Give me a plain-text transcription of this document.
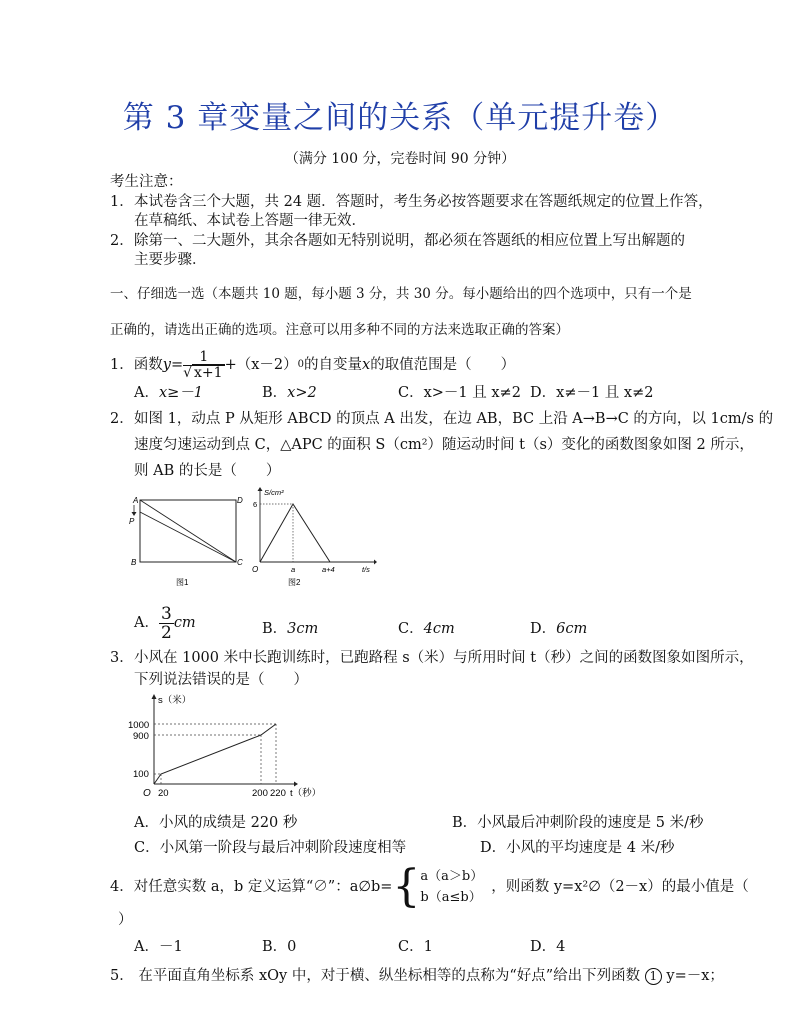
第 3 章变量之间的关系（单元提升卷）
（满分 100 分，完卷时间 90 分钟）
考生注意：
1． 本试卷含三个大题，共 24 题．答题时，考生务必按答题要求在答题纸规定的位置上作答，
在草稿纸、本试卷上答题一律无效．
2． 除第一、二大题外，其余各题如无特别说明，都必须在答题纸的相应位置上写出解题的
主要步骤．
一、仔细选一选（本题共 10 题，每小题 3 分，共 30 分。每小题给出的四个选项中，只有一个是
正确的，请选出正确的选项。注意可以用多种不同的方法来选取正确的答案）
1． 函数 $y = \frac{1}{√ x+1} +(x-2)$ 0 的自变量 x 的取值范围是（　　）
A．x≥－1	B．x>2	C．x>－1 且 x≠2 D．x≠－1 且 x≠2
2． 如图 1，动点 P 从矩形 ABCD 的顶点 A 出发，在边 AB，BC 上沿 A→B→C 的方向，以 1cm/s 的
速度匀速运动到点 C，△APC 的面积 S（cm²）随运动时间 t（s）变化的函数图象如图 2 所示，
则 AB 的长是（　　）
A
P
B	C
D
图1
S/cm²
6
O	a	a+4	t/s
图2
A． $\frac{3}{2}$ cm	B．3cm	C．4cm	D．6cm
3． 小风在 1000 米中长跑训练时，已跑路程 s（米）与所用时间 t（秒）之间的函数图象如图所示，
下列说法错误的是（　　）
s（米）
1000
900
100
O 20	200 220 t（秒）
A．小风的成绩是 220 秒	B．小风最后冲刺阶段的速度是 5 米/秒
C．小风第一阶段与最后冲刺阶段速度相等	D．小风的平均速度是 4 米/秒
4． 对任意实数 a，b 定义运算“∅”：a∅b= { a（a＞b）
b（a≤b）
，则函数 y=x²∅（2－x）的最小值是（
）
A．－1	B．0	C．1	D．4
5． 在平面直角坐标系 xOy 中，对于横、纵坐标相等的点称为“好点”给出下列函数 1 y=－x；
